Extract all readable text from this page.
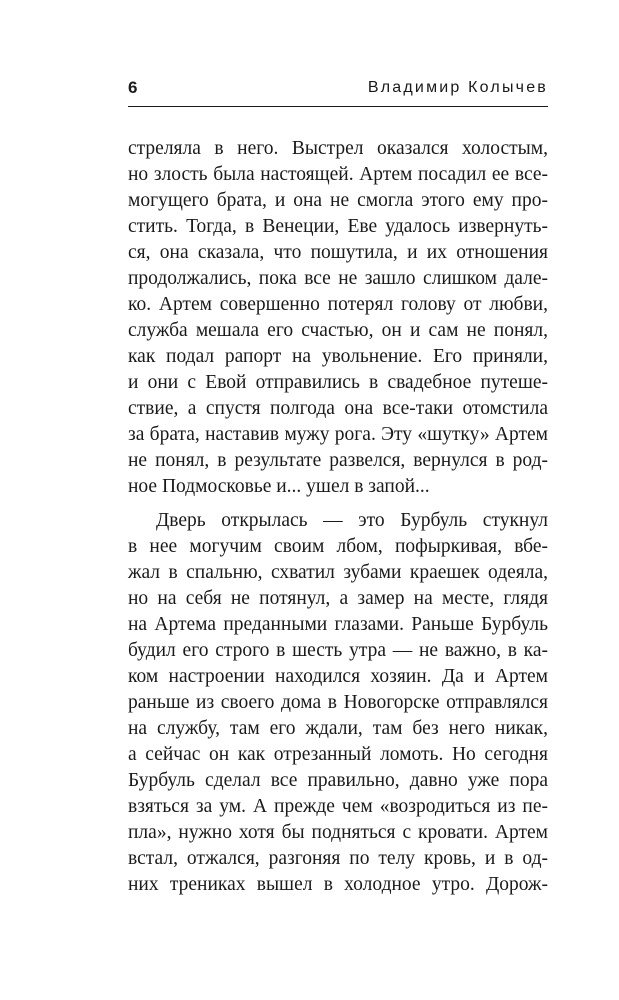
6	Владимир Колычев
стреляла в него. Выстрел оказался холостым,
но злость была настоящей. Артем посадил ее все-
могущего брата, и она не смогла этого ему про-
стить. Тогда, в Венеции, Еве удалось извернуть-
ся, она сказала, что пошутила, и их отношения
продолжались, пока все не зашло слишком дале-
ко. Артем совершенно потерял голову от любви,
служба мешала его счастью, он и сам не понял,
как подал рапорт на увольнение. Его приняли,
и они с Евой отправились в свадебное путеше-
ствие, а спустя полгода она все-таки отомстила
за брата, наставив мужу рога. Эту «шутку» Артем
не понял, в результате развелся, вернулся в род-
ное Подмосковье и... ушел в запой...
Дверь открылась — это Бурбуль стукнул
в нее могучим своим лбом, пофыркивая, вбе-
жал в спальню, схватил зубами краешек одеяла,
но на себя не потянул, а замер на месте, глядя
на Артема преданными глазами. Раньше Бурбуль
будил его строго в шесть утра — не важно, в ка-
ком настроении находился хозяин. Да и Артем
раньше из своего дома в Новогорске отправлялся
на службу, там его ждали, там без него никак,
а сейчас он как отрезанный ломоть. Но сегодня
Бурбуль сделал все правильно, давно уже пора
взяться за ум. А прежде чем «возродиться из пе-
пла», нужно хотя бы подняться с кровати. Артем
встал, отжался, разгоняя по телу кровь, и в од-
них трениках вышел в холодное утро. Дорож-
